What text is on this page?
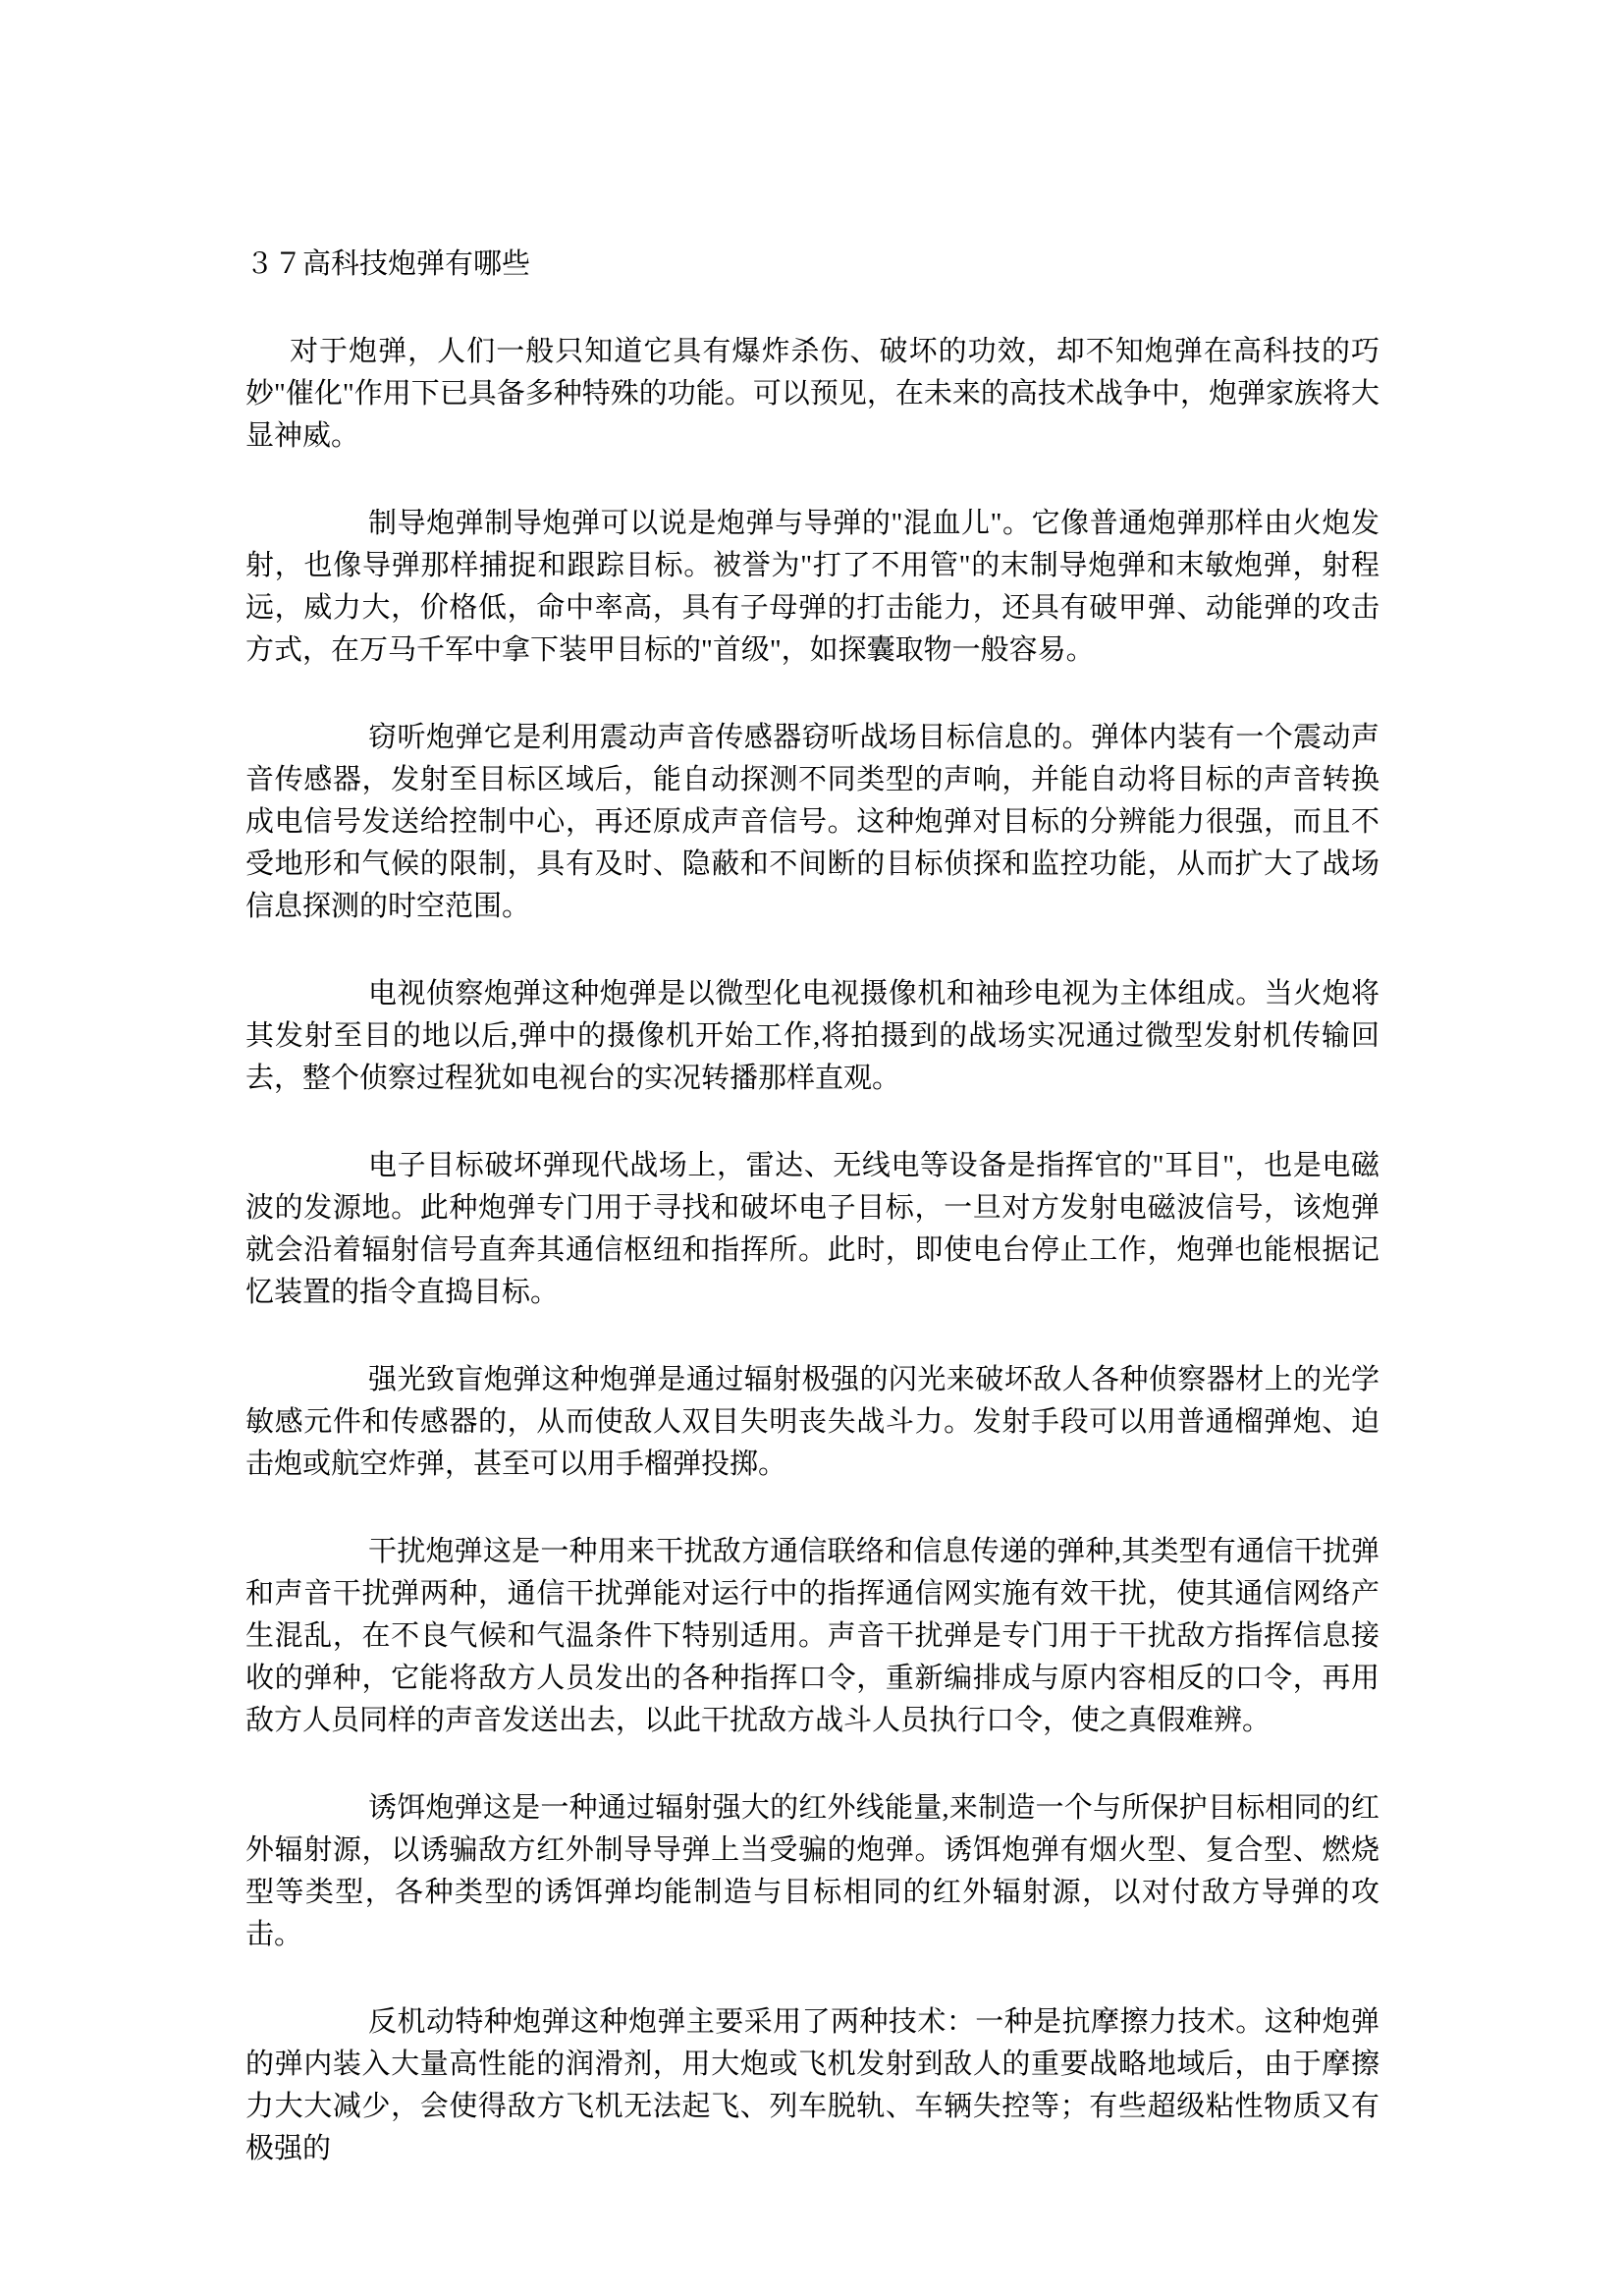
３７高科技炮弹有哪些

对于炮弹，人们一般只知道它具有爆炸杀伤、破坏的功效，却不知炮弹在高科技的巧妙"催化"作用下已具备多种特殊的功能。可以预见，在未来的高技术战争中，炮弹家族将大显神威。

制导炮弹制导炮弹可以说是炮弹与导弹的"混血儿"。它像普通炮弹那样由火炮发射，也像导弹那样捕捉和跟踪目标。被誉为"打了不用管"的末制导炮弹和末敏炮弹，射程远，威力大，价格低，命中率高，具有子母弹的打击能力，还具有破甲弹、动能弹的攻击方式，在万马千军中拿下装甲目标的"首级"，如探囊取物一般容易。

窃听炮弹它是利用震动声音传感器窃听战场目标信息的。弹体内装有一个震动声音传感器，发射至目标区域后，能自动探测不同类型的声响，并能自动将目标的声音转换成电信号发送给控制中心，再还原成声音信号。这种炮弹对目标的分辨能力很强，而且不受地形和气候的限制，具有及时、隐蔽和不间断的目标侦探和监控功能，从而扩大了战场信息探测的时空范围。

电视侦察炮弹这种炮弹是以微型化电视摄像机和袖珍电视为主体组成。当火炮将其发射至目的地以后,弹中的摄像机开始工作,将拍摄到的战场实况通过微型发射机传输回去，整个侦察过程犹如电视台的实况转播那样直观。

电子目标破坏弹现代战场上，雷达、无线电等设备是指挥官的"耳目"，也是电磁波的发源地。此种炮弹专门用于寻找和破坏电子目标，一旦对方发射电磁波信号，该炮弹就会沿着辐射信号直奔其通信枢纽和指挥所。此时，即使电台停止工作，炮弹也能根据记忆装置的指令直捣目标。

强光致盲炮弹这种炮弹是通过辐射极强的闪光来破坏敌人各种侦察器材上的光学敏感元件和传感器的，从而使敌人双目失明丧失战斗力。发射手段可以用普通榴弹炮、迫击炮或航空炸弹，甚至可以用手榴弹投掷。

干扰炮弹这是一种用来干扰敌方通信联络和信息传递的弹种,其类型有通信干扰弹和声音干扰弹两种，通信干扰弹能对运行中的指挥通信网实施有效干扰，使其通信网络产生混乱，在不良气候和气温条件下特别适用。声音干扰弹是专门用于干扰敌方指挥信息接收的弹种，它能将敌方人员发出的各种指挥口令，重新编排成与原内容相反的口令，再用敌方人员同样的声音发送出去，以此干扰敌方战斗人员执行口令，使之真假难辨。

诱饵炮弹这是一种通过辐射强大的红外线能量,来制造一个与所保护目标相同的红外辐射源，以诱骗敌方红外制导导弹上当受骗的炮弹。诱饵炮弹有烟火型、复合型、燃烧型等类型，各种类型的诱饵弹均能制造与目标相同的红外辐射源，以对付敌方导弹的攻击。

反机动特种炮弹这种炮弹主要采用了两种技术：一种是抗摩擦力技术。这种炮弹的弹内装入大量高性能的润滑剂，用大炮或飞机发射到敌人的重要战略地域后，由于摩擦力大大减少，会使得敌方飞机无法起飞、列车脱轨、车辆失控等；有些超级粘性物质又有极强的
